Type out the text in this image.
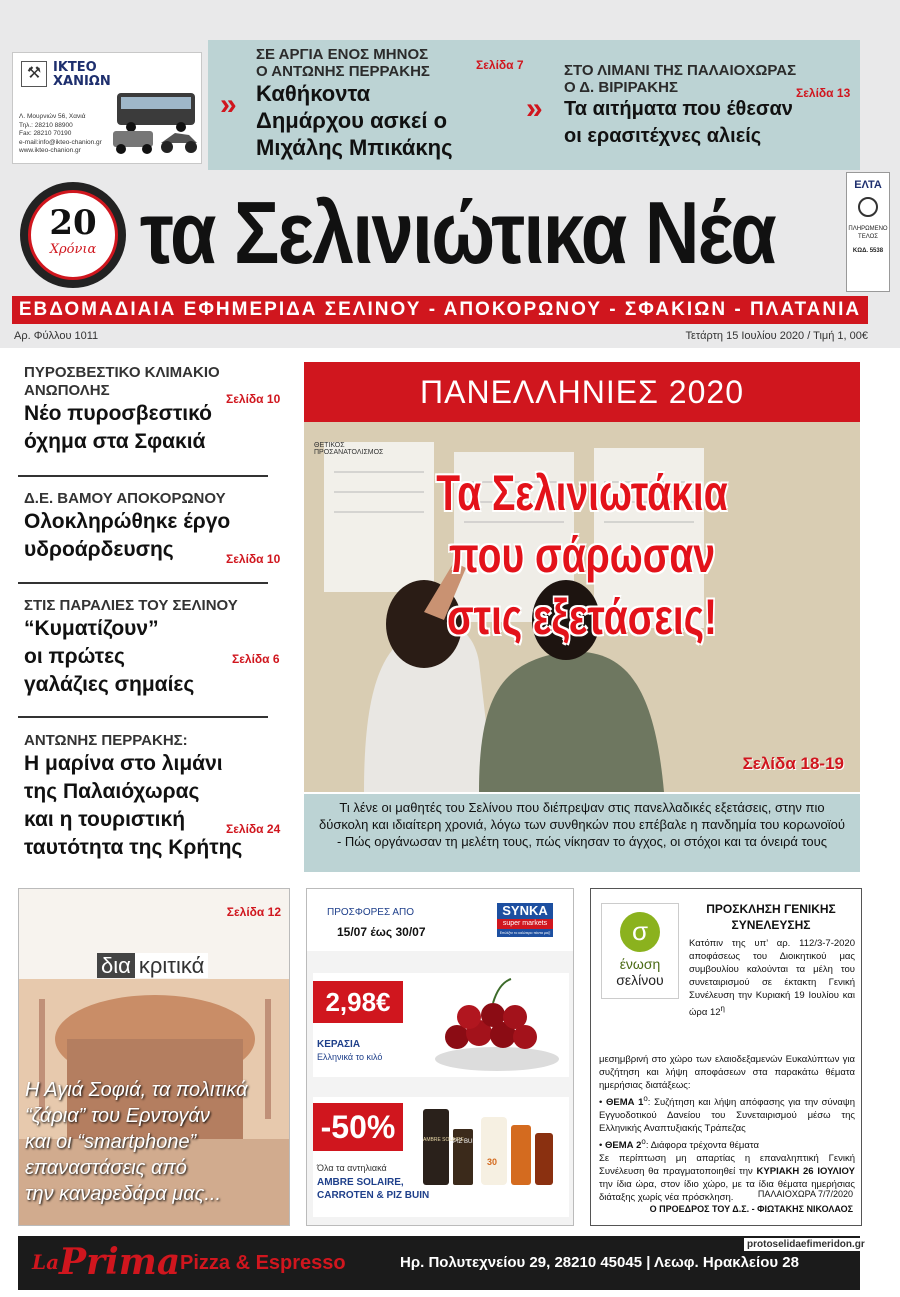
⚒ ΙΚΤΕΟ
ΧΑΝΙΩΝ
Λ. Μουρνιών 56, Χανιά
Τηλ.: 28210 88900
Fax: 28210 70190
e-mail:info@ikteo-chanion.gr
www.ikteo-chanion.gr
ΣΕ ΑΡΓΙΑ ΕΝΟΣ ΜΗΝΟΣ
Ο ΑΝΤΩΝΗΣ ΠΕΡΡΑΚΗΣ
Καθήκοντα
Δημάρχου ασκεί ο
Μιχάλης Μπικάκης
»
Σελίδα 7	ΣΤΟ ΛΙΜΑΝΙ ΤΗΣ ΠΑΛΑΙΟΧΩΡΑΣ
Ο Δ. ΒΙΡΙΡΑΚΗΣ
Τα αιτήματα που έθεσαν
οι ερασιτέχνες αλιείς
»	Σελίδα 13
20
Χρόνια τα Σελινιώτικα Νέα	ΕΛΤΑ
ΠΛΗΡΩΜΕΝΟ ΤΕΛΟΣ
ΚΩΔ. 5538
ΕΒΔΟΜΑΔΙΑΙΑ ΕΦΗΜΕΡΙΔΑ ΣΕΛΙΝΟΥ - ΑΠΟΚΟΡΩΝΟΥ - ΣΦΑΚΙΩΝ - ΠΛΑΤΑΝΙΑ
Αρ. Φύλλου 1011	Τετάρτη 15 Ιουλίου 2020 / Τιμή 1, 00€
ΠΥΡΟΣΒΕΣΤΙΚΟ ΚΛΙΜΑΚΙΟ
ΑΝΩΠΟΛΗΣ
Νέο πυροσβεστικό
όχημα στα Σφακιά
Σελίδα 10
Δ.Ε. ΒΑΜΟΥ ΑΠΟΚΟΡΩΝΟΥ
Ολοκληρώθηκε έργο
υδροάρδευσης	Σελίδα 10
ΣΤΙΣ ΠΑΡΑΛΙΕΣ ΤΟΥ ΣΕΛΙΝΟΥ
“Κυματίζουν”
οι πρώτες
γαλάζιες σημαίες
Σελίδα 6
ΑΝΤΩΝΗΣ ΠΕΡΡΑΚΗΣ:
Η μαρίνα στο λιμάνι
της Παλαιόχωρας
και η τουριστική
ταυτότητα της Κρήτης
Σελίδα 24
ΘΕΤΙΚΟΣ
ΠΡΟΣΑΝΑΤΟΛΙΣΜΟΣ
ΠΑΝΕΛΛΗΝΙΕΣ 2020
Τα Σελινιωτάκια
που σάρωσαν
στις εξετάσεις!
Σελίδα 18-19
Τι λένε οι μαθητές του Σελίνου που διέπρεψαν στις πανελλαδικές εξετάσεις, στην πιο δύσκολη και ιδιαίτερη χρονιά, λόγω των συνθηκών που επέβαλε η πανδημία του κορωνοϊού - Πώς οργάνωσαν τη μελέτη τους, πώς νίκησαν το άγχος, οι στόχοι και τα όνειρά τους
Σελίδα 12
δια κριτικά
Η Αγιά Σοφιά, τα πολιτικά
“ζάρια” του Ερντογάν
και οι “smartphone”
επαναστάσεις από
την κανapεδάρα μας...
ΠΡΟΣΦΟΡΕΣ ΑΠΟ
15/07 έως 30/07
SYNKA
super markets
Επιλέξτε το καλύτερο πάντα μαζί
2,98€
ΚΕΡΑΣΙΑ
Ελληνικά το κιλό
-50%
Όλα τα αντηλιακά
AMBRE SOLAIRE,
CARROTEN & PIZ BUIN
AMBRE SOLAIRE
PIZ BUIN
30
σ
ένωση
σελίνου
ΠΡΟΣΚΛΗΣΗ ΓΕΝΙΚΗΣ
ΣΥΝΕΛΕΥΣΗΣ
Κατόπιν της υπ’ αρ. 112/3-7-2020 αποφάσεως του Διοικητικού μας συμβουλίου καλούνται τα μέλη του συνεταιρισμού σε έκτακτη Γενική Συνέλευση την Κυριακή 19 Ιουλίου και ώρα $12^\eta$
μεσημβρινή στο χώρο των ελαιοδεξαμενών Ευκαλύπτων για συζήτηση και λήψη αποφάσεων στα παρακάτω θέματα ημερήσιας διατάξεως:
• ΘΕΜΑ $1^o$: Συζήτηση και λήψη απόφασης για την σύναψη Εγγυοδοτικού Δανείου του Συνεταιρισμού μέσω της Ελληνικής Αναπτυξιακής Τράπεζας
• ΘΕΜΑ $2^o$: Διάφορα τρέχοντα θέματα
Σε περίπτωση μη απαρτίας η επαναληπτική Γενική Συνέλευση θα πραγματοποιηθεί την ΚΥΡΙΑΚΗ 26 ΙΟΥΛΙΟΥ την ίδια ώρα, στον ίδιο χώρο, με τα ίδια θέματα ημερήσιας διάταξης χωρίς νέα πρόσκληση.	ΠΑΛΑΙΟΧΩΡΑ 7/7/2020
Ο ΠΡΟΕΔΡΟΣ ΤΟΥ Δ.Σ. - ΦΙΩΤΑΚΗΣ ΝΙΚΟΛΑΟΣ
$^{La}$Prima Pizza & Espresso	Ηρ. Πολυτεχνείου 29, 28210 45045 | Λεωφ. Ηρακλείου 28
protoselidaefimeridon.gr
